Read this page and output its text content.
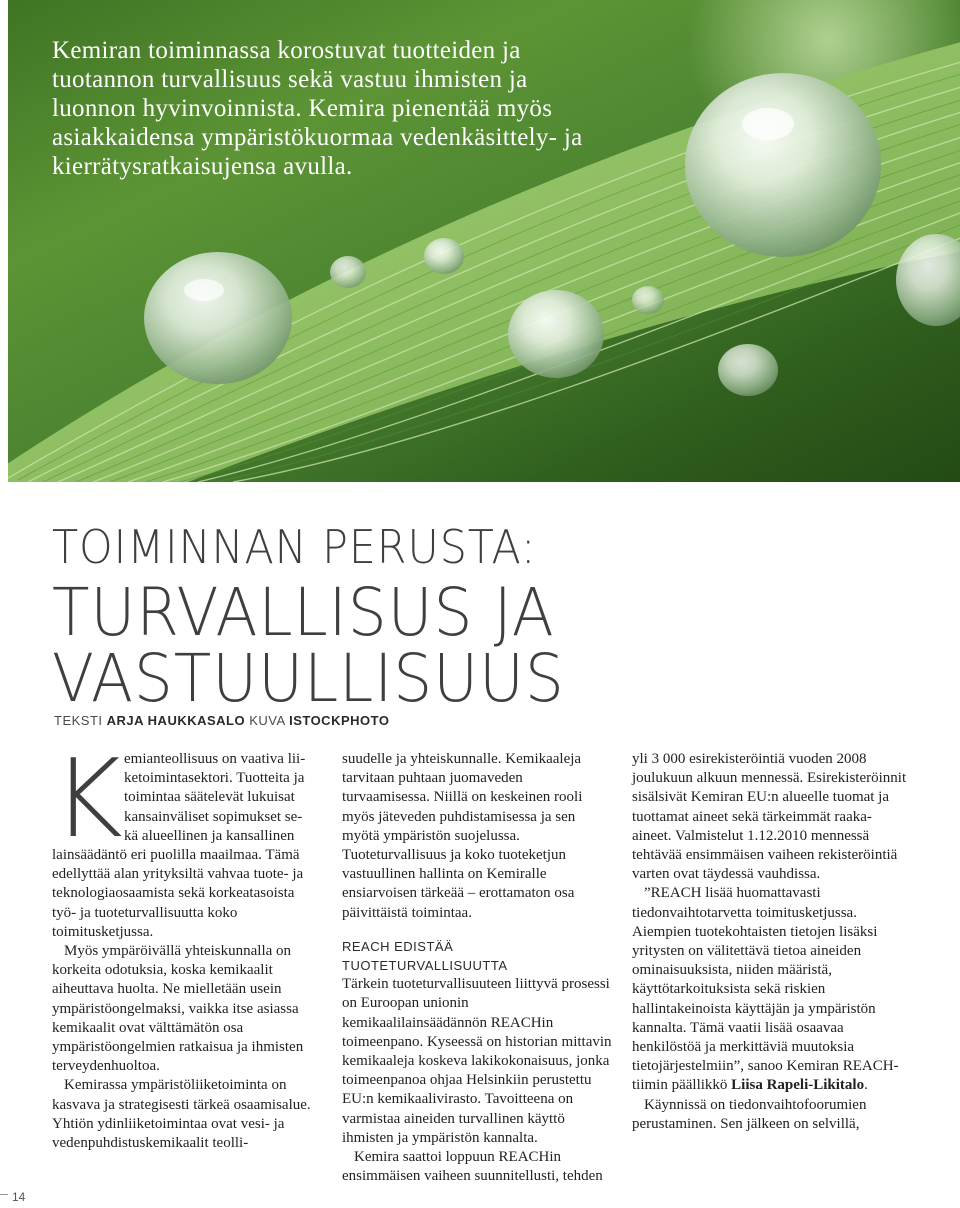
Kemiran toiminnassa korostuvat tuotteiden ja tuotannon turvallisuus sekä vastuu ihmisten ja luonnon hyvinvoinnista. Kemira pienentää myös asiakkaidensa ympäristökuormaa vedenkäsittely- ja kierrätysratkaisujensa avulla.

TOIMINNAN PERUSTA:

TURVALLISUS JA

VASTUULLISUUS

TEKSTI ARJA HAUKKASALO KUVA ISTOCKPHOTO

K emianteollisuus on vaativa lii-
ketoimintasektori. Tuotteita ja
toimintaa säätelevät lukuisat
kansainväliset sopimukset se-
kä alueellinen ja kansallinen

lainsäädäntö eri puolilla maailmaa. Tämä edellyttää alan yrityksiltä vahvaa tuote- ja teknologiaosaamista sekä korkeatasoista työ- ja tuoteturvallisuutta koko toimitusketjussa.

Myös ympäröivällä yhteiskunnalla on korkeita odotuksia, koska kemikaalit aiheuttava huolta. Ne mielletään usein ympäristöongelmaksi, vaikka itse asiassa kemikaalit ovat välttämätön osa ympäristöongelmien ratkaisua ja ihmisten terveydenhuoltoa.

Kemirassa ympäristöliiketoiminta on kasvava ja strategisesti tärkeä osaamisalue. Yhtiön ydinliiketoimintaa ovat vesi- ja vedenpuhdistuskemikaalit teolli-

suudelle ja yhteiskunnalle. Kemikaaleja tarvitaan puhtaan juomaveden turvaamisessa. Niillä on keskeinen rooli myös jäteveden puhdistamisessa ja sen myötä ympäristön suojelussa. Tuoteturvallisuus ja koko tuoteketjun vastuullinen hallinta on Kemiralle ensiarvoisen tärkeää – erottamaton osa päivittäistä toimintaa.

REACH EDISTÄÄ TUOTETURVALLISUUTTA

Tärkein tuoteturvallisuuteen liittyvä prosessi on Euroopan unionin kemikaalilainsäädännön REACHin toimeenpano. Kyseessä on historian mittavin kemikaaleja koskeva lakikokonaisuus, jonka toimeenpanoa ohjaa Helsinkiin perustettu EU:n kemikaalivirasto. Tavoitteena on varmistaa aineiden turvallinen käyttö ihmisten ja ympäristön kannalta.

Kemira saattoi loppuun REACHin ensimmäisen vaiheen suunnitellusti, tehden

yli 3 000 esirekisteröintiä vuoden 2008 joulukuun alkuun mennessä. Esirekisteröinnit sisälsivät Kemiran EU:n alueelle tuomat ja tuottamat aineet sekä tärkeimmät raaka-aineet. Valmistelut 1.12.2010 mennessä tehtävää ensimmäisen vaiheen rekisteröintiä varten ovat täydessä vauhdissa.

”REACH lisää huomattavasti tiedonvaihtotarvetta toimitusketjussa. Aiempien tuotekohtaisten tietojen lisäksi yritysten on välitettävä tietoa aineiden ominaisuuksista, niiden määristä, käyttötarkoituksista sekä riskien hallintakeinoista käyttäjän ja ympäristön kannalta. Tämä vaatii lisää osaavaa henkilöstöä ja merkittäviä muutoksia tietojärjestelmiin”, sanoo Kemiran REACH-tiimin päällikkö Liisa Rapeli-Likitalo.

Käynnissä on tiedonvaihtofoorumien perustaminen. Sen jälkeen on selvillä,

14
